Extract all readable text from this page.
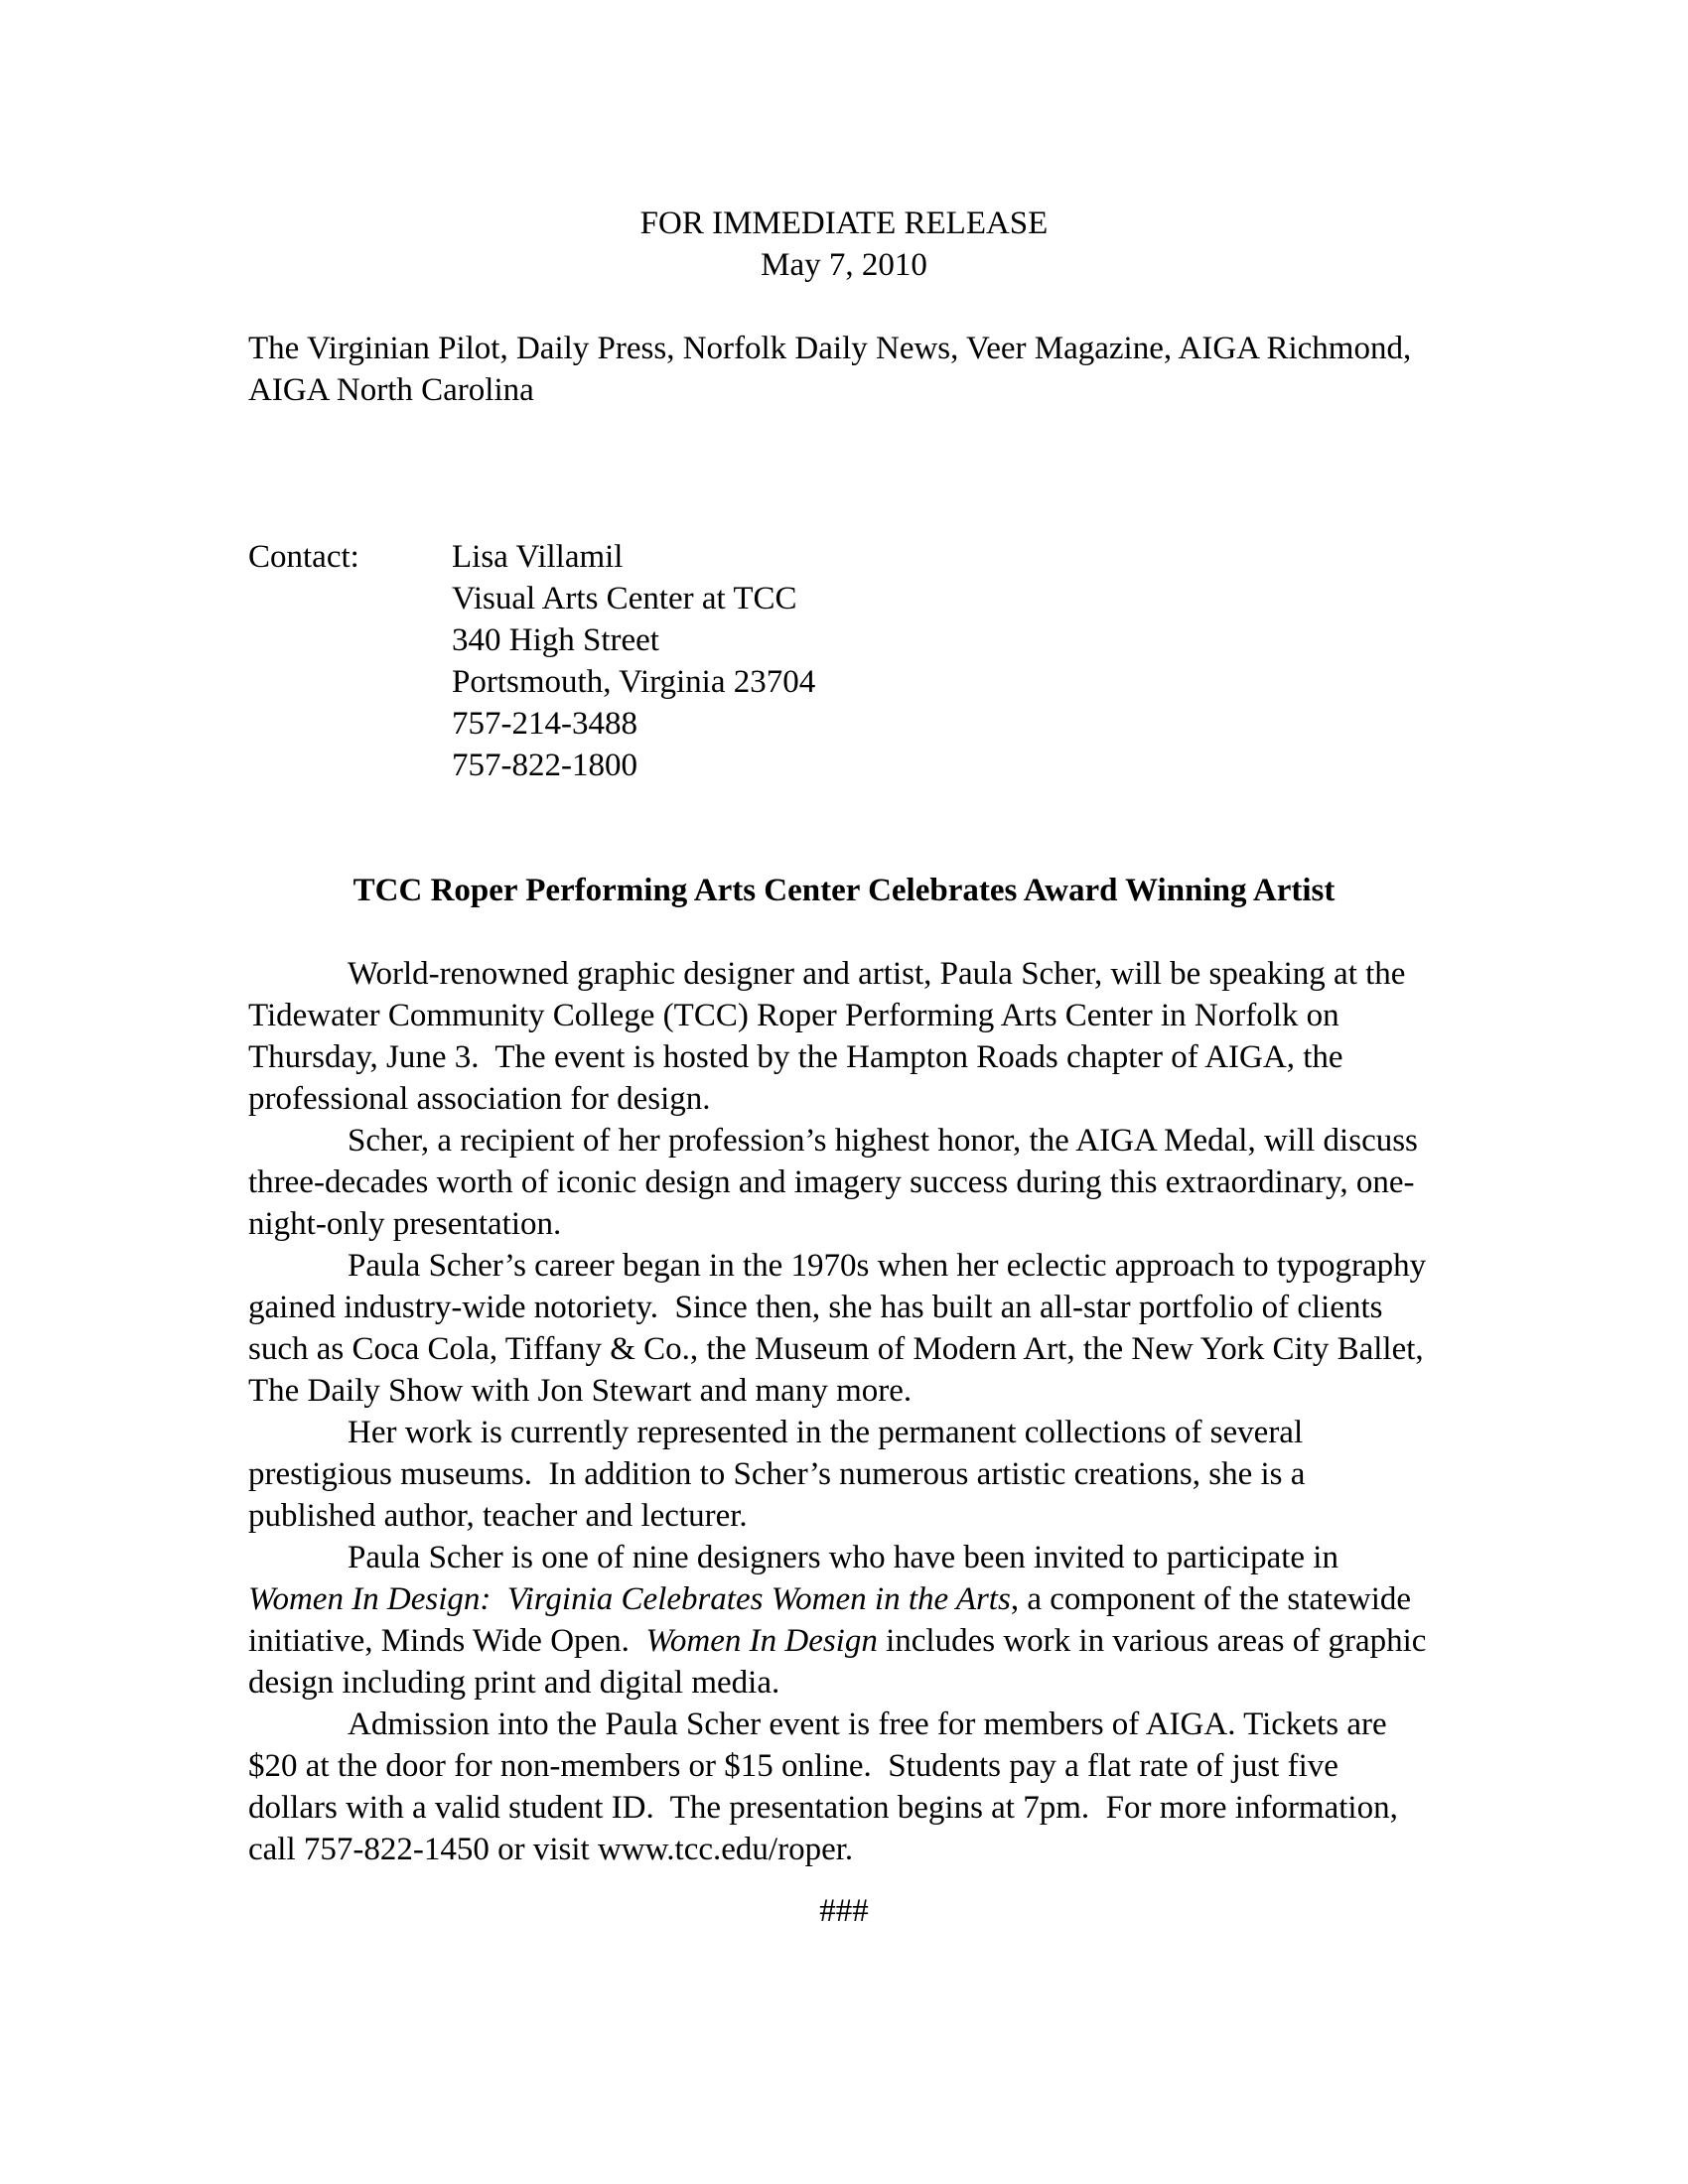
FOR IMMEDIATE RELEASE
May 7, 2010
The Virginian Pilot, Daily Press, Norfolk Daily News, Veer Magazine, AIGA Richmond,
AIGA North Carolina
Contact:	Lisa Villamil
Visual Arts Center at TCC
340 High Street
Portsmouth, Virginia 23704
757-214-3488
757-822-1800
TCC Roper Performing Arts Center Celebrates Award Winning Artist
World-renowned graphic designer and artist, Paula Scher, will be speaking at the
Tidewater Community College (TCC) Roper Performing Arts Center in Norfolk on
Thursday, June 3.  The event is hosted by the Hampton Roads chapter of AIGA, the
professional association for design.
Scher, a recipient of her profession’s highest honor, the AIGA Medal, will discuss
three-decades worth of iconic design and imagery success during this extraordinary, one-
night-only presentation.
Paula Scher’s career began in the 1970s when her eclectic approach to typography
gained industry-wide notoriety.  Since then, she has built an all-star portfolio of clients
such as Coca Cola, Tiffany & Co., the Museum of Modern Art, the New York City Ballet,
The Daily Show with Jon Stewart and many more.
Her work is currently represented in the permanent collections of several
prestigious museums.  In addition to Scher’s numerous artistic creations, she is a
published author, teacher and lecturer.
Paula Scher is one of nine designers who have been invited to participate in
Women In Design:  Virginia Celebrates Women in the Arts, a component of the statewide
initiative, Minds Wide Open.  Women In Design includes work in various areas of graphic
design including print and digital media.
Admission into the Paula Scher event is free for members of AIGA. Tickets are
$20 at the door for non-members or $15 online.  Students pay a flat rate of just five
dollars with a valid student ID.  The presentation begins at 7pm.  For more information,
call 757-822-1450 or visit www.tcc.edu/roper.
###
